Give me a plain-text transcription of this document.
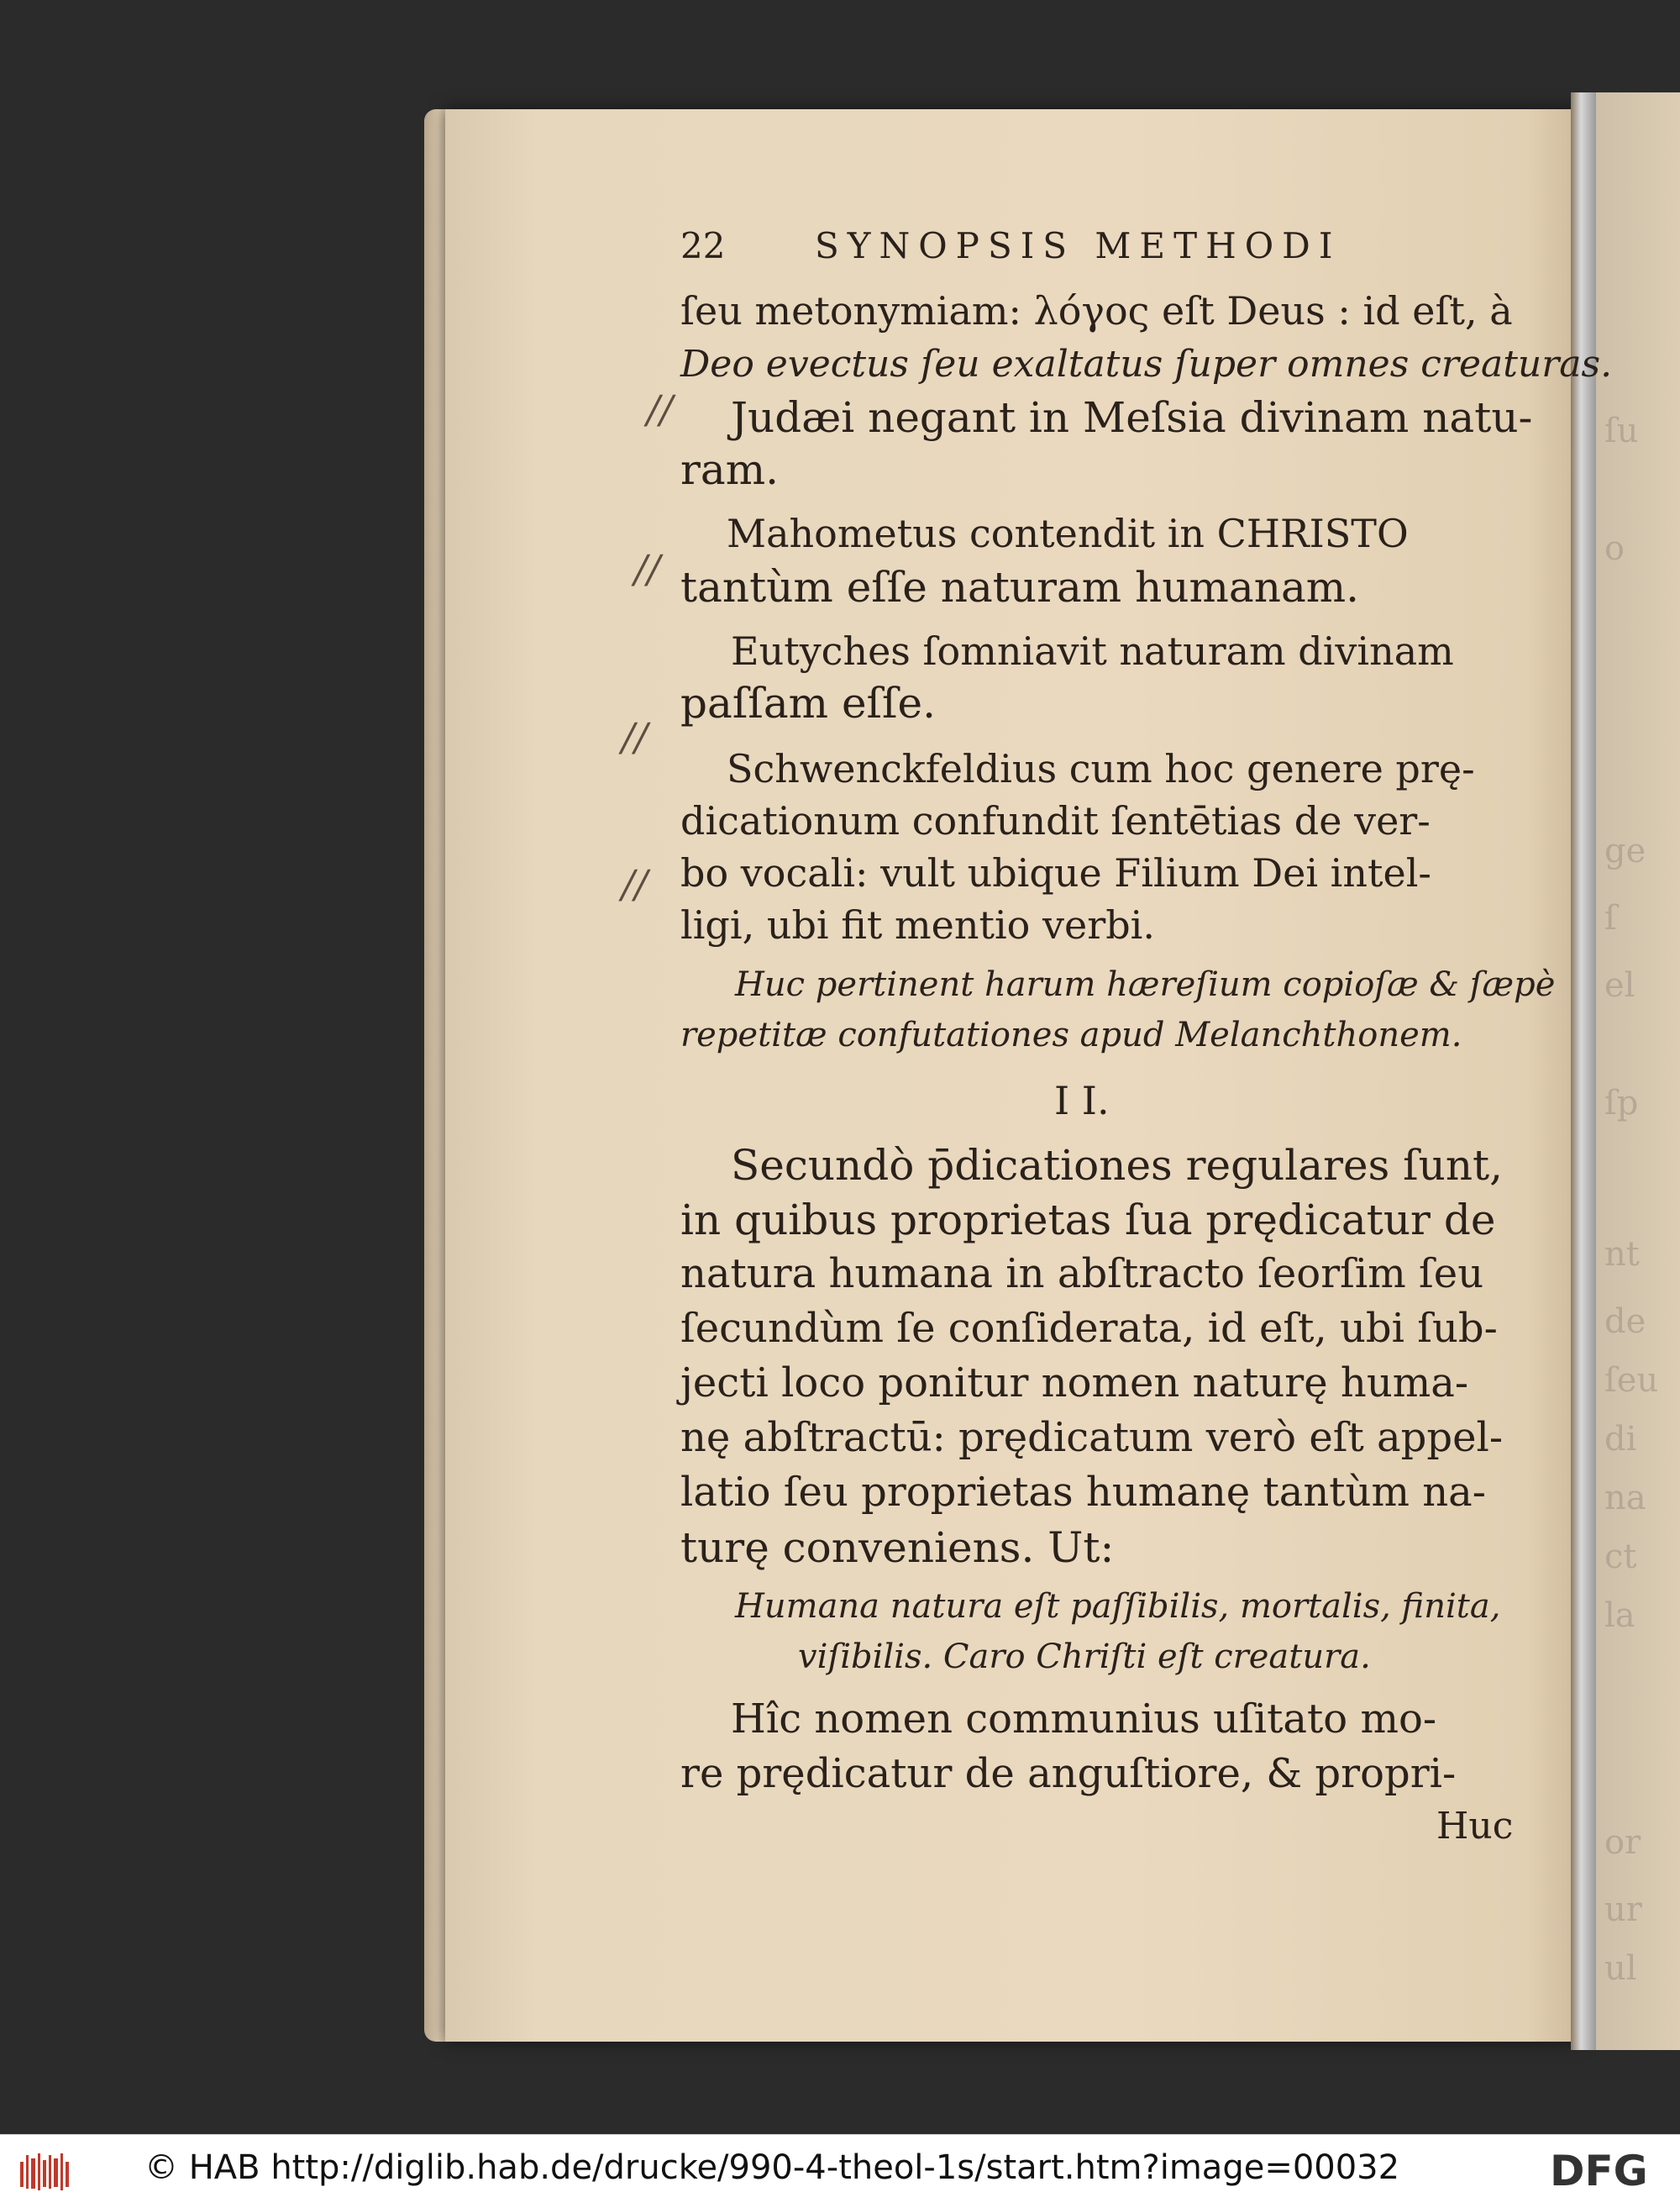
ſu
o
ge
ſ
el
ſp
nt
de
ſeu
di
na
ct
la
or
ur
ul
//
//
//
//
22	SYNOPSIS METHODI
ſeu metonymiam: λόγος eſt Deus : id eſt, à
Deo evectus ſeu exaltatus ſuper omnes creaturas.
Judæi negant in Meſsia divinam natu-
ram.
Mahometus contendit in CHRISTO
tantùm eſſe naturam humanam.
Eutyches ſomniavit naturam divinam
paſſam eſſe.
Schwenckfeldius cum hoc genere prę-
dicationum confundit ſentētias de ver-
bo vocali: vult ubique Filium Dei intel-
ligi, ubi fit mentio verbi.
Huc pertinent harum hæreſium copioſæ & ſæpè
repetitæ confutationes apud Melanchthonem.
I I.
Secundò p̄dicationes regulares ſunt,
in quibus proprietas ſua prędicatur de
natura humana in abſtracto ſeorſim ſeu
ſecundùm ſe conſiderata, id eſt, ubi ſub-
jecti loco ponitur nomen naturę huma-
nę abſtractū: prędicatum verò eſt appel-
latio ſeu proprietas humanę tantùm na-
turę conveniens. Ut:
Humana natura eſt paſſibilis, mortalis, finita,
viſibilis. Caro Chriſti eſt creatura.
Hîc nomen communius uſitato mo-
re prędicatur de anguſtiore, & propri-
Huc
© HAB http://diglib.hab.de/drucke/990-4-theol-1s/start.htm?image=00032	DFG
